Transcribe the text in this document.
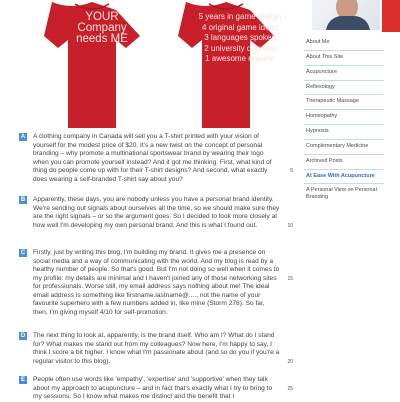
YOUR
Company
needs ME
5 years in game design
4 original game ideas
3 languages spoken
2 university degrees
1 awesome resume
A A clothing company in Canada will sell you a T-shirt printed with your vision of yourself for the modest price of $20. It's a new twist on the concept of personal branding – why promote a multinational sportswear brand by wearing their logo when you can promote yourself instead? And it got me thinking. First, what kind of thing do people come up with for their T-shirt designs? And second, what exactly does wearing a self-branded T-shirt say about you?
5
B Apparently, these days, you are nobody unless you have a personal brand identity. We're sending out signals about ourselves all the time, so we should make sure they are the right signals – or so the argument goes. So I decided to look more closely at how well I'm developing my own personal brand. And this is what I found out.	10
C Firstly, just by writing this blog, I'm building my brand. It gives me a presence on social media and a way of communicating with the world. And my blog is read by a healthy number of people. So that's good. But I'm not doing so well when it comes to my profile: my details are minimal and I haven't joined any of those networking sites for professionals. Worse still, my email address says nothing about me! The ideal email address is something like firstname.lastname@...., not the name of your favourite superhero with a few numbers added in, like mine (Storm 278). So far, then, I'm giving myself 4/10 for self-promotion.
15
D The next thing to look at, apparently, is the brand itself. Who am I? What do I stand for? What makes me stand out from my colleagues? Now here, I'm happy to say, I think I score a bit higher. I know what I'm passionate about (and so do you if you're a regular visitor to this blog).	20
E	People often use words like 'empathy', 'expertise' and 'supportive' when they talk about my approach to acupuncture – and in fact that's exactly what I try to bring to my sessions. So I know what makes me distinct and the benefit that I
25
About Me
About This Site
Acupuncture
Reflexology
Therapeutic Massage
Homeopathy
Hypnosis
Complementary Medicine
Archived Posts
At Ease With Acupuncture
A Personal View on Personal Branding
